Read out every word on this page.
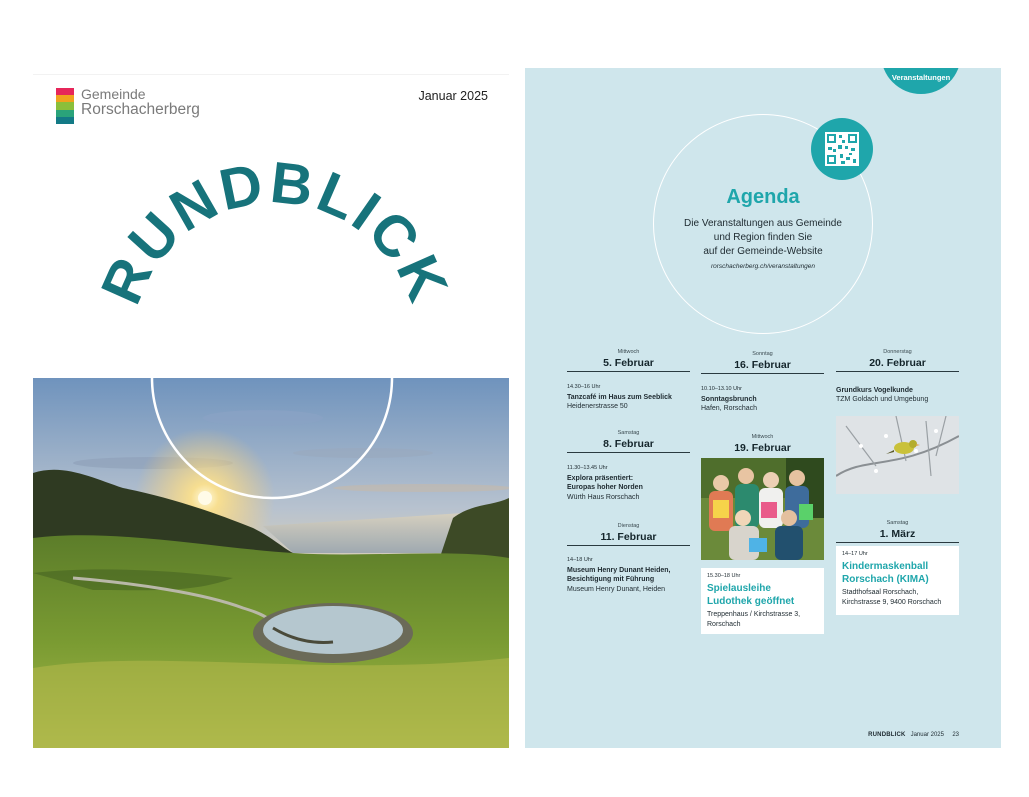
Gemeinde
Rorschacherberg
Januar 2025
RUNDBLICK
Veranstaltungen
Agenda
Die Veranstaltungen aus Gemeinde
und Region finden Sie
auf der Gemeinde-Website
rorschacherberg.ch/veranstaltungen
Mittwoch
5. Februar
14.30–16 Uhr
Tanzcafé im Haus zum Seeblick
Heidenerstrasse 50
Samstag
8. Februar
11.30–13.45 Uhr
Explora präsentiert:
Europas hoher Norden
Würth Haus Rorschach
Dienstag
11. Februar
14–18 Uhr
Museum Henry Dunant Heiden,
Besichtigung mit Führung
Museum Henry Dunant, Heiden
Sonntag
16. Februar
10.10–13.10 Uhr
Sonntagsbrunch
Hafen, Rorschach
Mittwoch
19. Februar
15.30–18 Uhr
Spielausleihe
Ludothek geöffnet
Treppenhaus / Kirchstrasse 3,
Rorschach
Donnerstag
20. Februar
Grundkurs Vogelkunde
TZM Goldach und Umgebung
Samstag
1. März
14–17 Uhr
Kindermaskenball
Rorschach (KIMA)
Stadthofsaal Rorschach,
Kirchstrasse 9, 9400 Rorschach
RUNDBLICK Januar 2025 23
